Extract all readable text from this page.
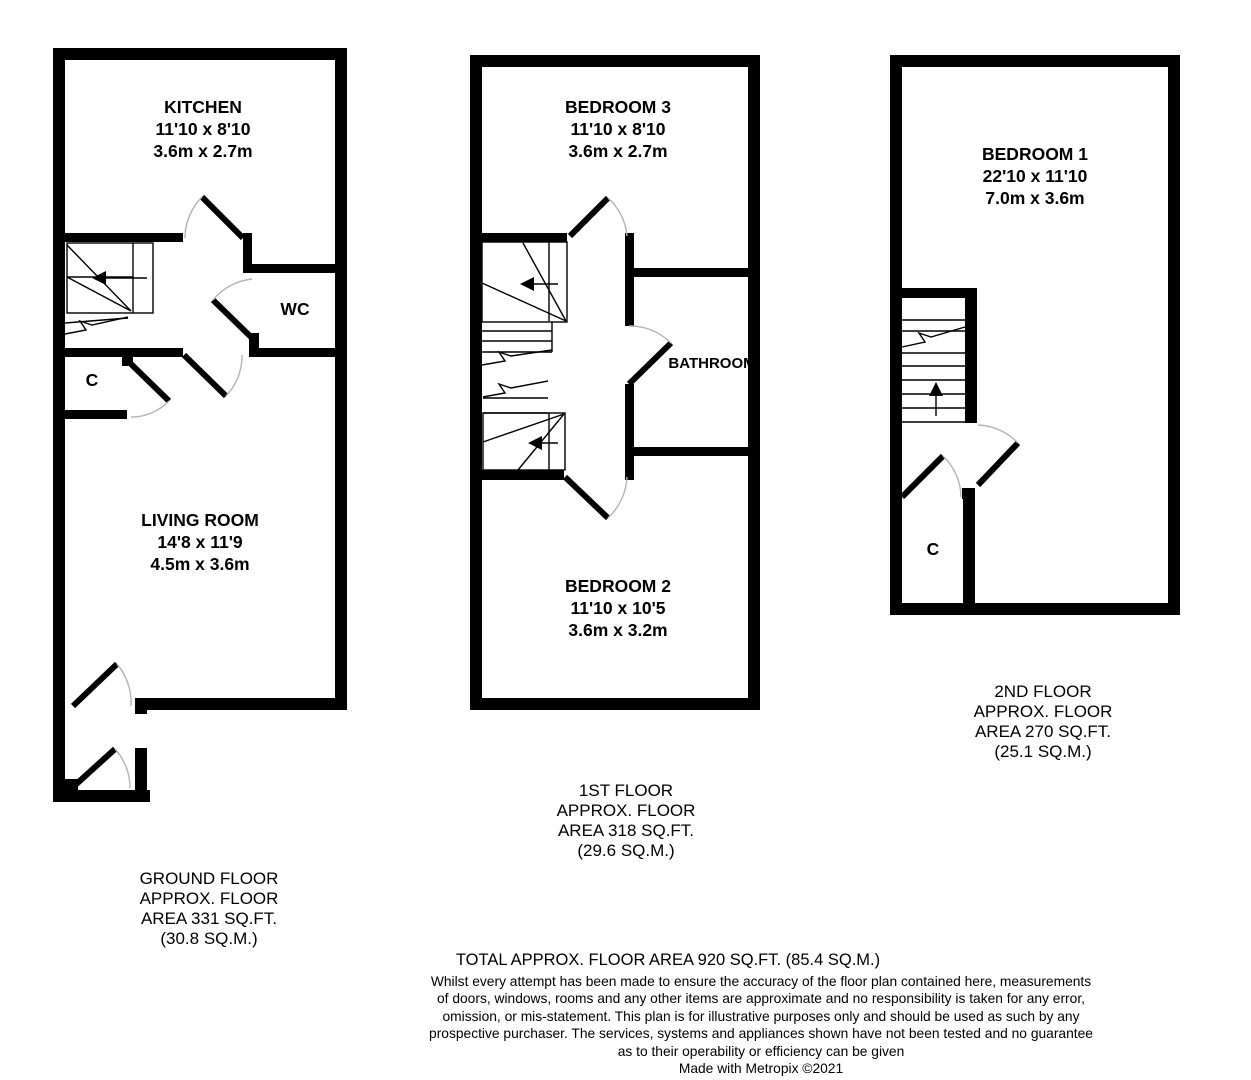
KITCHEN
11'10 x 8'10
3.6m x 2.7m
WC
C
LIVING ROOM
14'8 x 11'9
4.5m x 3.6m
BEDROOM 3
11'10 x 8'10
3.6m x 2.7m
BATHROOM
BEDROOM 2
11'10 x 10'5
3.6m x 3.2m
BEDROOM 1
22'10 x 11'10
7.0m x 3.6m
C
GROUND FLOOR
APPROX. FLOOR
AREA 331 SQ.FT.
(30.8 SQ.M.)
1ST FLOOR
APPROX. FLOOR
AREA 318 SQ.FT.
(29.6 SQ.M.)
2ND FLOOR
APPROX. FLOOR
AREA 270 SQ.FT.
(25.1 SQ.M.)
TOTAL APPROX. FLOOR AREA 920 SQ.FT. (85.4 SQ.M.)
Whilst every attempt has been made to ensure the accuracy of the floor plan contained here, measurements
of doors, windows, rooms and any other items are approximate and no responsibility is taken for any error,
omission, or mis-statement. This plan is for illustrative purposes only and should be used as such by any
prospective purchaser. The services, systems and appliances shown have not been tested and no guarantee
as to their operability or efficiency can be given
Made with Metropix ©2021
